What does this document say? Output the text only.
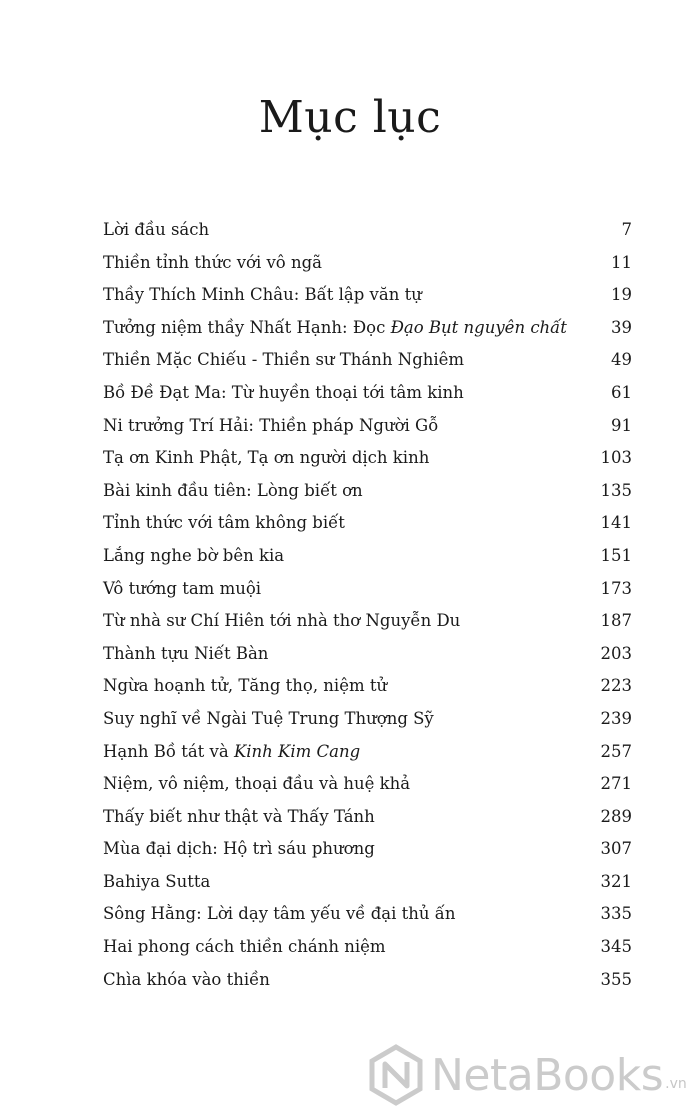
Mục lục
Lời đầu sách	7
Thiền tỉnh thức với vô ngã	11
Thầy Thích Minh Châu: Bất lập văn tự	19
Tưởng niệm thầy Nhất Hạnh: Đọc Đạo Bụt nguyên chất	39
Thiền Mặc Chiếu - Thiền sư Thánh Nghiêm	49
Bồ Đề Đạt Ma: Từ huyền thoại tới tâm kinh	61
Ni trưởng Trí Hải: Thiền pháp Người Gỗ	91
Tạ ơn Kinh Phật, Tạ ơn người dịch kinh	103
Bài kinh đầu tiên: Lòng biết ơn	135
Tỉnh thức với tâm không biết	141
Lắng nghe bờ bên kia	151
Vô tướng tam muội	173
Từ nhà sư Chí Hiên tới nhà thơ Nguyễn Du	187
Thành tựu Niết Bàn	203
Ngừa hoạnh tử, Tăng thọ, niệm tử	223
Suy nghĩ về Ngài Tuệ Trung Thượng Sỹ	239
Hạnh Bồ tát và Kinh Kim Cang	257
Niệm, vô niệm, thoại đầu và huệ khả	271
Thấy biết như thật và Thấy Tánh	289
Mùa đại dịch: Hộ trì sáu phương	307
Bahiya Sutta	321
Sông Hằng: Lời dạy tâm yếu về đại thủ ấn	335
Hai phong cách thiền chánh niệm	345
Chìa khóa vào thiền	355
NetaBooks .vn
